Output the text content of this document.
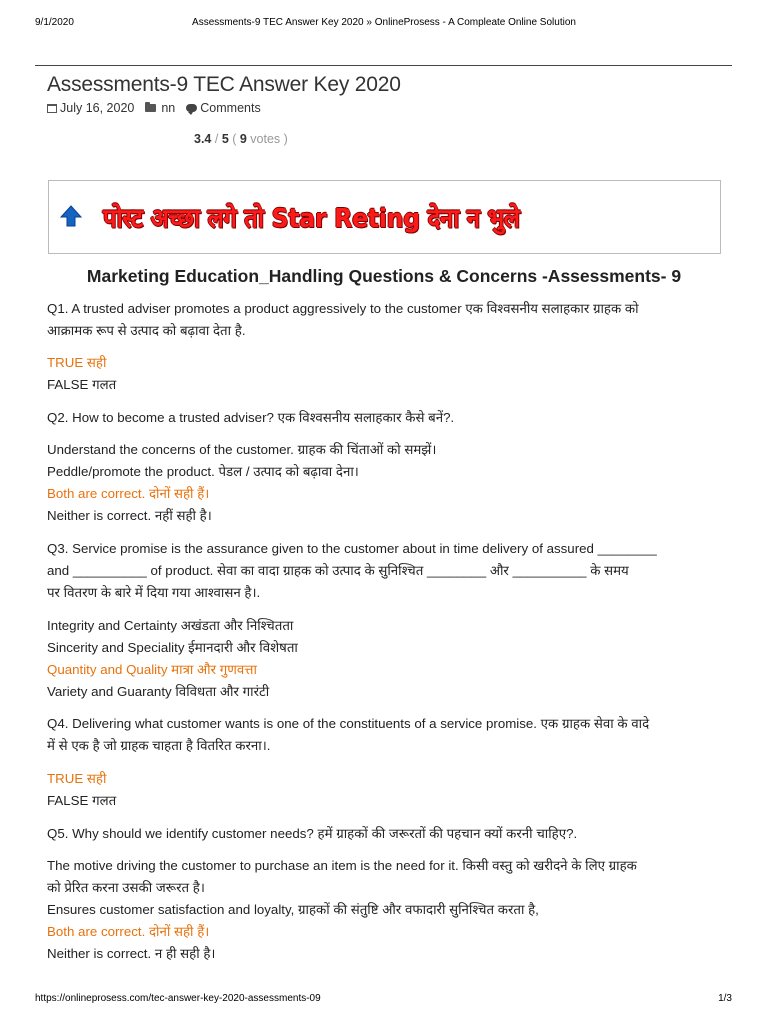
9/1/2020	Assessments-9 TEC Answer Key 2020 » OnlineProsess - A Compleate Online Solution
Assessments-9 TEC Answer Key 2020
July 16, 2020 nn Comments
3.4 / 5 ( 9 votes )
पोस्ट अच्छा लगे तो Star Reting देना न भुले
Marketing Education_Handling Questions & Concerns -Assessments- 9
Q1. A trusted adviser promotes a product aggressively to the customer एक विश्वसनीय सलाहकार ग्राहक को
आक्रामक रूप से उत्पाद को बढ़ावा देता है.
TRUE सही
FALSE गलत
Q2. How to become a trusted adviser? एक विश्वसनीय सलाहकार कैसे बनें?.
Understand the concerns of the customer. ग्राहक की चिंताओं को समझें।
Peddle/promote the product. पेडल / उत्पाद को बढ़ावा देना।
Both are correct. दोनों सही हैं।
Neither is correct. नहीं सही है।
Q3. Service promise is the assurance given to the customer about in time delivery of assured ________
and __________ of product. सेवा का वादा ग्राहक को उत्पाद के सुनिश्चित ________ और __________ के समय
पर वितरण के बारे में दिया गया आश्वासन है।.
Integrity and Certainty अखंडता और निश्चितता
Sincerity and Speciality ईमानदारी और विशेषता
Quantity and Quality मात्रा और गुणवत्ता
Variety and Guaranty विविधता और गारंटी
Q4. Delivering what customer wants is one of the constituents of a service promise. एक ग्राहक सेवा के वादे
में से एक है जो ग्राहक चाहता है वितरित करना।.
TRUE सही
FALSE गलत
Q5. Why should we identify customer needs? हमें ग्राहकों की जरूरतों की पहचान क्यों करनी चाहिए?.
The motive driving the customer to purchase an item is the need for it. किसी वस्तु को खरीदने के लिए ग्राहक
को प्रेरित करना उसकी जरूरत है।
Ensures customer satisfaction and loyalty, ग्राहकों की संतुष्टि और वफादारी सुनिश्चित करता है,
Both are correct. दोनों सही हैं।
Neither is correct. न ही सही है।
https://onlineprosess.com/tec-answer-key-2020-assessments-09	1/3
